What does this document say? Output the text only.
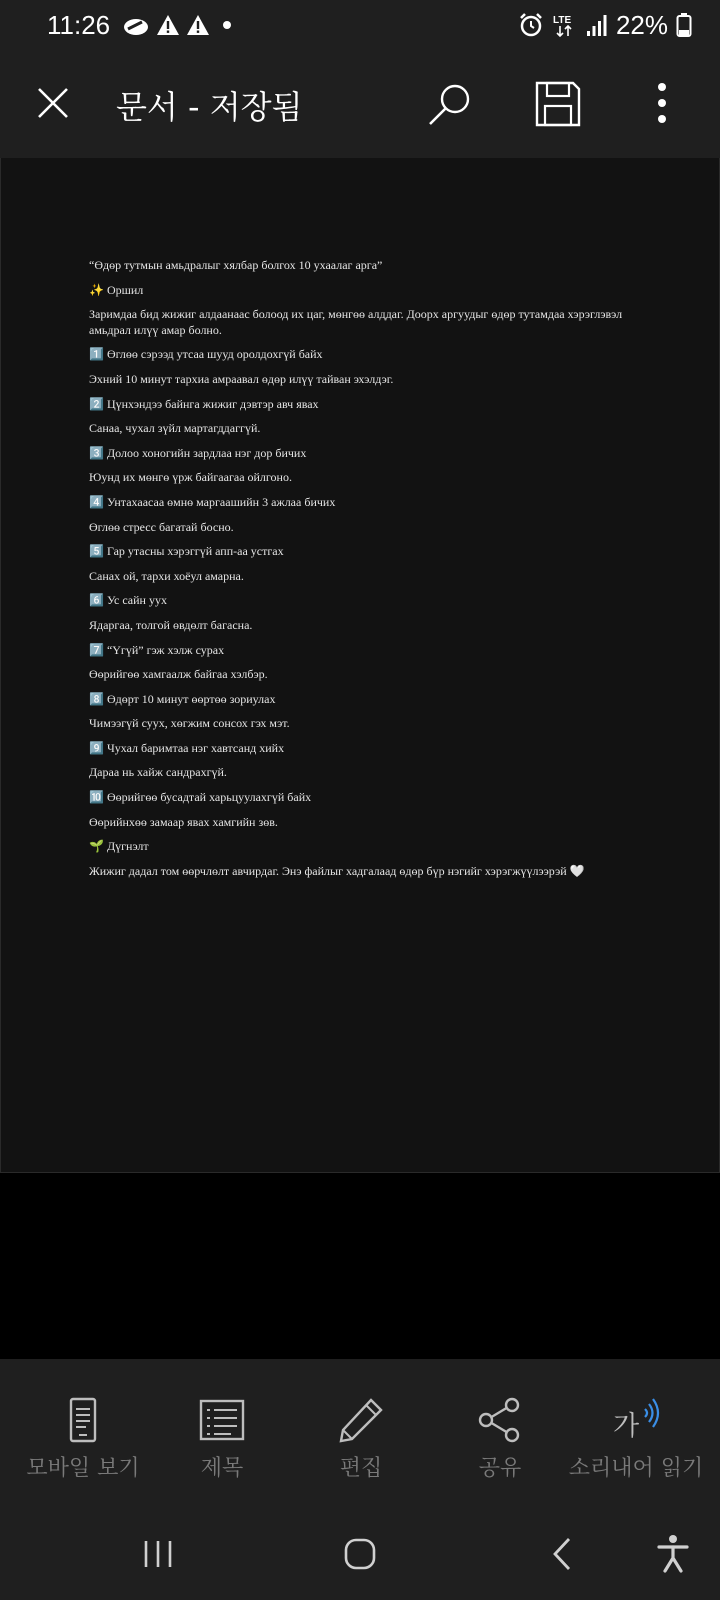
11:26	LTE 22%
문서 - 저장됨

“Өдөр тутмын амьдралыг хялбар болгох 10 ухаалаг арга”

✨ Оршил

Заримдаа бид жижиг алдаанаас болоод их цаг, мөнгөө алддаг. Доорх аргуудыг өдөр тутамдаа хэрэглэвэл амьдрал илүү амар болно.

1️⃣ Өглөө сэрээд утсаа шууд оролдохгүй байх

Эхний 10 минут тархиа амраавал өдөр илүү тайван эхэлдэг.

2️⃣ Цүнхэндээ байнга жижиг дэвтэр авч явах

Санаа, чухал зүйл мартагддаггүй.

3️⃣ Долоо хоногийн зардлаа нэг дор бичих

Юунд их мөнгө үрж байгаагаа ойлгоно.

4️⃣ Унтахаасаа өмнө маргаашийн 3 ажлаа бичих

Өглөө стресс багатай босно.

5️⃣ Гар утасны хэрэггүй апп-аа устгах

Санах ой, тархи хоёул амарна.

6️⃣ Ус сайн уух

Ядаргаа, толгой өвдөлт багасна.

7️⃣ “Үгүй” гэж хэлж сурах

Өөрийгөө хамгаалж байгаа хэлбэр.

8️⃣ Өдөрт 10 минут өөртөө зориулах

Чимээгүй суух, хөгжим сонсох гэх мэт.

9️⃣ Чухал баримтаа нэг хавтсанд хийх

Дараа нь хайж сандрахгүй.

🔟 Өөрийгөө бусадтай харьцуулахгүй байх

Өөрийнхөө замаар явах хамгийн зөв.

🌱 Дүгнэлт

Жижиг дадал том өөрчлөлт авчирдаг. Энэ файлыг хадгалаад өдөр бүр нэгийг хэрэгжүүлээрэй 🤍

모바일 보기	제목	편집	공유
가
소리내어 읽기
